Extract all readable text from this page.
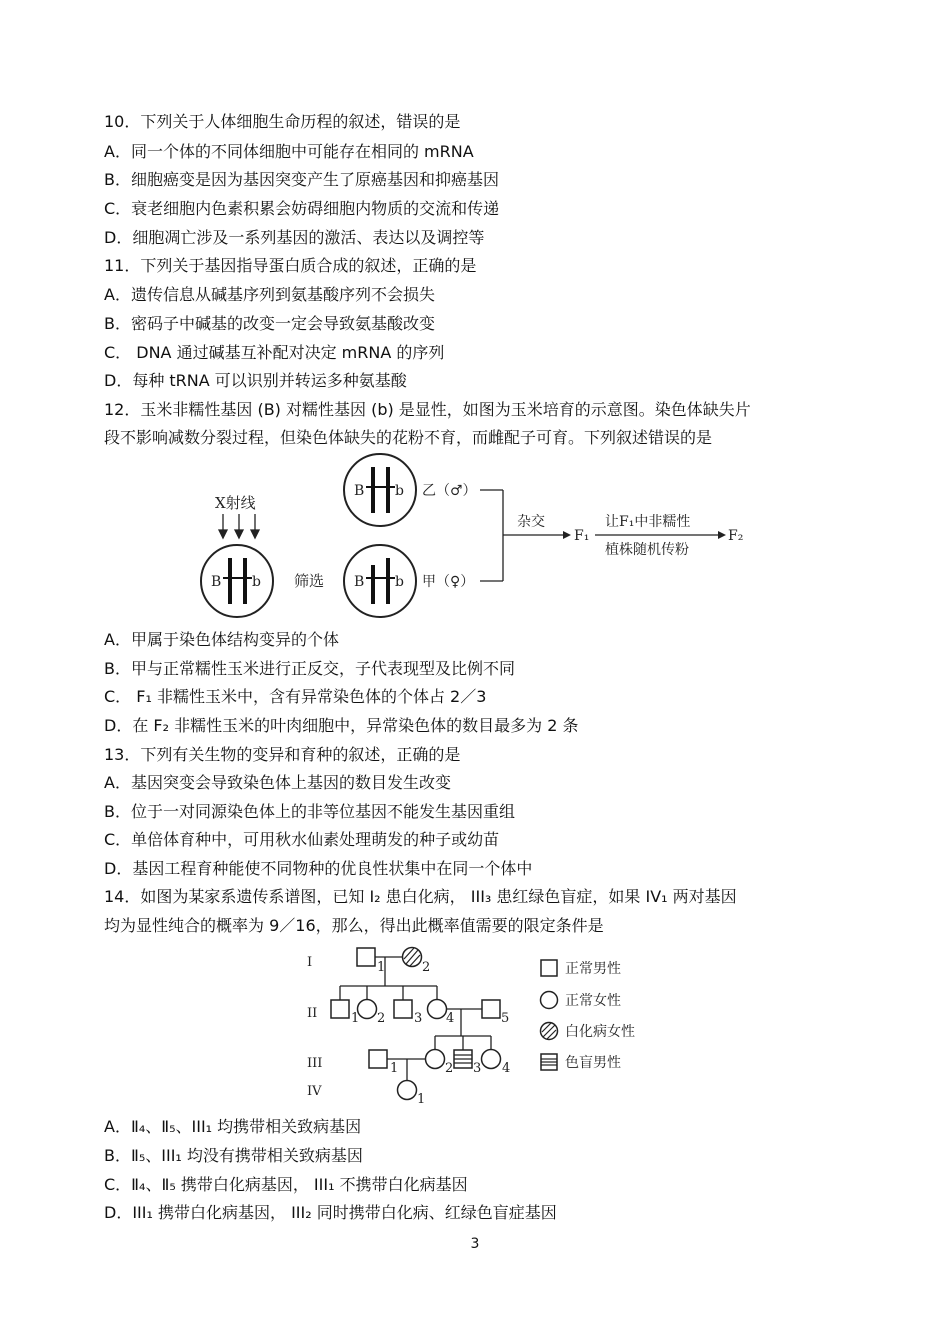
10．下列关于人体细胞生命历程的叙述，错误的是
A．同一个体的不同体细胞中可能存在相同的 mRNA
B．细胞癌变是因为基因突变产生了原癌基因和抑癌基因
C．衰老细胞内色素积累会妨碍细胞内物质的交流和传递
D．细胞凋亡涉及一系列基因的激活、表达以及调控等
11．下列关于基因指导蛋白质合成的叙述，正确的是
A．遗传信息从碱基序列到氨基酸序列不会损失
B．密码子中碱基的改变一定会导致氨基酸改变
C． DNA 通过碱基互补配对决定 mRNA 的序列
D．每种 tRNA 可以识别并转运多种氨基酸
12．玉米非糯性基因 (B) 对糯性基因 (b) 是显性，如图为玉米培育的示意图。染色体缺失片
段不影响减数分裂过程，但染色体缺失的花粉不育，而雌配子可育。下列叙述错误的是
X射线
B b 筛选
B b 乙（♂）
B b 甲（♀）
杂交
F₁
让F₁中非糯性
植株随机传粉
F₂
A．甲属于染色体结构变异的个体
B．甲与正常糯性玉米进行正反交，子代表现型及比例不同
C． F₁ 非糯性玉米中，含有异常染色体的个体占 2／3
D．在 F₂ 非糯性玉米的叶肉细胞中，异常染色体的数目最多为 2 条
13．下列有关生物的变异和育种的叙述，正确的是
A．基因突变会导致染色体上基因的数目发生改变
B．位于一对同源染色体上的非等位基因不能发生基因重组
C．单倍体育种中，可用秋水仙素处理萌发的种子或幼苗
D．基因工程育种能使不同物种的优良性状集中在同一个体中
14．如图为某家系遗传系谱图，已知 I₂ 患白化病， III₃ 患红绿色盲症，如果 IV₁ 两对基因
均为显性纯合的概率为 9／16，那么，得出此概率值需要的限定条件是
I
II
III
IV
1	2
1 2 3 4	5
1	2 3 4
1
正常男性
正常女性
白化病女性
色盲男性
A．Ⅱ₄、Ⅱ₅、III₁ 均携带相关致病基因
B．Ⅱ₅、III₁ 均没有携带相关致病基因
C．Ⅱ₄、Ⅱ₅ 携带白化病基因， III₁ 不携带白化病基因
D．III₁ 携带白化病基因， III₂ 同时携带白化病、红绿色盲症基因
3
